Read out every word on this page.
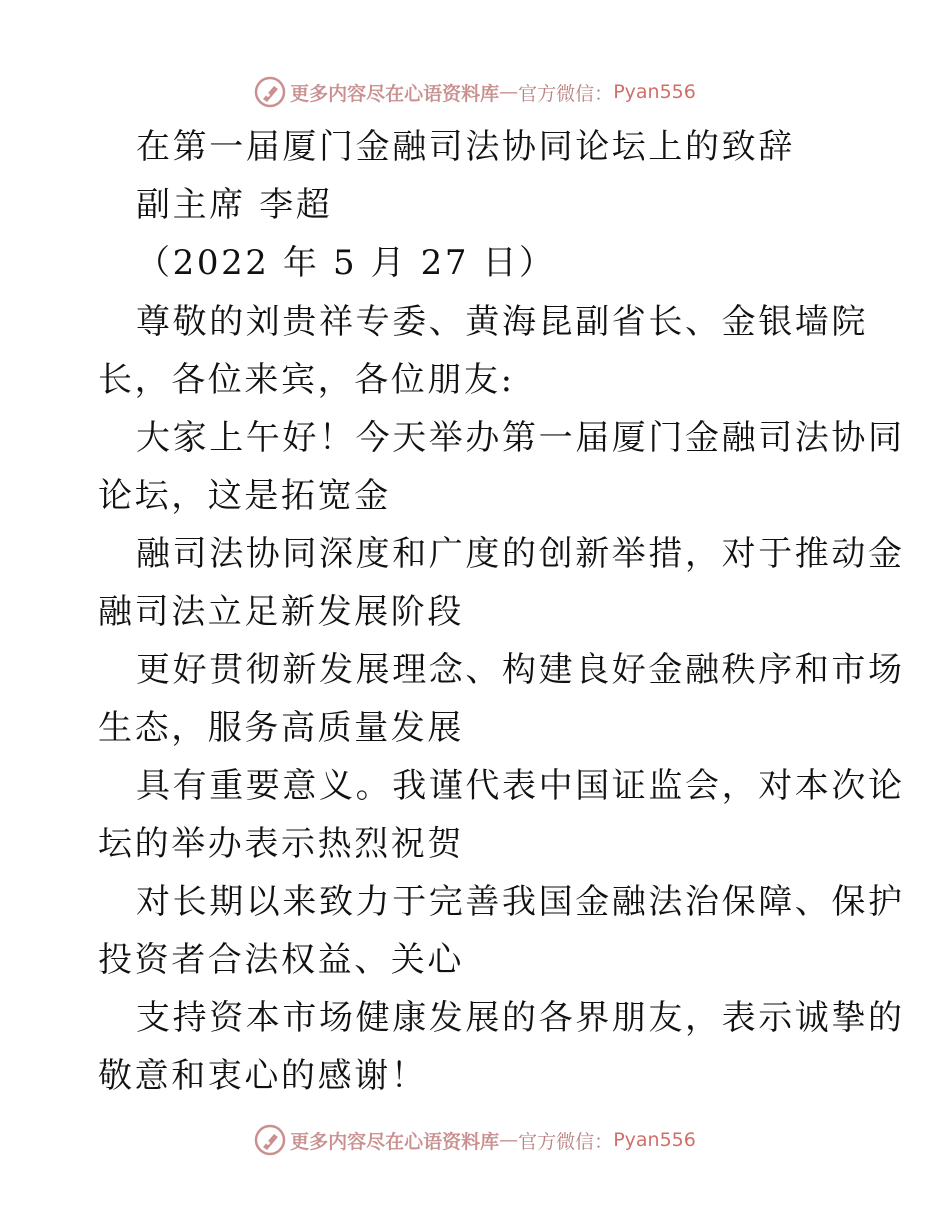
更多内容尽在心语资料库 — 官方微信： Pyan556
在第一届厦门金融司法协同论坛上的致辞
副主席 李超
（2022 年 5 月 27 日）
尊敬的刘贵祥专委、黄海昆副省长、金银墙院
长，各位来宾，各位朋友:
大家上午好！今天举办第一届厦门金融司法协同
论坛，这是拓宽金
融司法协同深度和广度的创新举措，对于推动金
融司法立足新发展阶段
更好贯彻新发展理念、构建良好金融秩序和市场
生态，服务高质量发展
具有重要意义。我谨代表中国证监会，对本次论
坛的举办表示热烈祝贺
对长期以来致力于完善我国金融法治保障、保护
投资者合法权益、关心
支持资本市场健康发展的各界朋友，表示诚挚的
敬意和衷心的感谢！
更多内容尽在心语资料库 — 官方微信： Pyan556
